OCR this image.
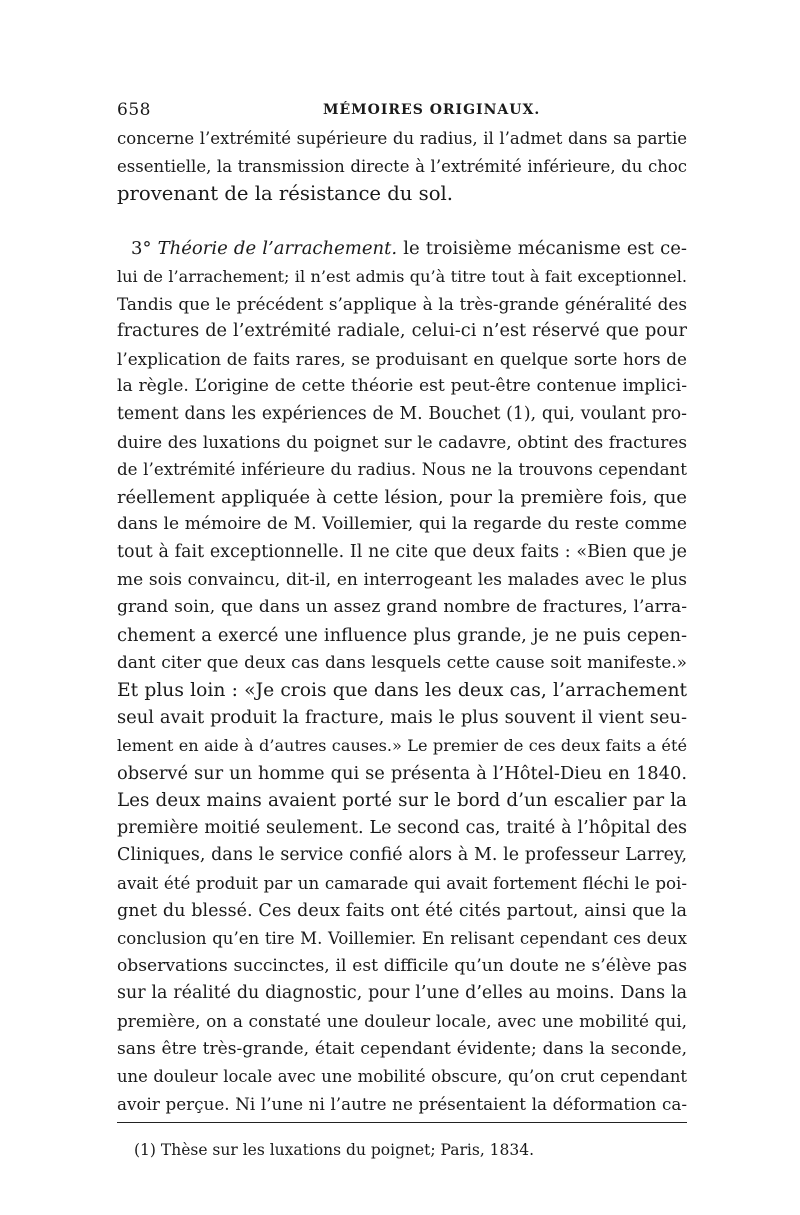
658	MÉMOIRES ORIGINAUX.
concerne l’extrémité supérieure du radius, il l’admet dans sa partie
essentielle, la transmission directe à l’extrémité inférieure, du choc
provenant de la résistance du sol.
3° Théorie de l’arrachement. le troisième mécanisme est ce-
lui de l’arrachement; il n’est admis qu’à titre tout à fait exceptionnel.
Tandis que le précédent s’applique à la très-grande généralité des
fractures de l’extrémité radiale, celui-ci n’est réservé que pour
l’explication de faits rares, se produisant en quelque sorte hors de
la règle. L’origine de cette théorie est peut-être contenue implici-
tement dans les expériences de M. Bouchet (1), qui, voulant pro-
duire des luxations du poignet sur le cadavre, obtint des fractures
de l’extrémité inférieure du radius. Nous ne la trouvons cependant
réellement appliquée à cette lésion, pour la première fois, que
dans le mémoire de M. Voillemier, qui la regarde du reste comme
tout à fait exceptionnelle. Il ne cite que deux faits : «Bien que je
me sois convaincu, dit-il, en interrogeant les malades avec le plus
grand soin, que dans un assez grand nombre de fractures, l’arra-
chement a exercé une influence plus grande, je ne puis cepen-
dant citer que deux cas dans lesquels cette cause soit manifeste.»
Et plus loin : «Je crois que dans les deux cas, l’arrachement
seul avait produit la fracture, mais le plus souvent il vient seu-
lement en aide à d’autres causes.» Le premier de ces deux faits a été
observé sur un homme qui se présenta à l’Hôtel-Dieu en 1840.
Les deux mains avaient porté sur le bord d’un escalier par la
première moitié seulement. Le second cas, traité à l’hôpital des
Cliniques, dans le service confié alors à M. le professeur Larrey,
avait été produit par un camarade qui avait fortement fléchi le poi-
gnet du blessé. Ces deux faits ont été cités partout, ainsi que la
conclusion qu’en tire M. Voillemier. En relisant cependant ces deux
observations succinctes, il est difficile qu’un doute ne s’élève pas
sur la réalité du diagnostic, pour l’une d’elles au moins. Dans la
première, on a constaté une douleur locale, avec une mobilité qui,
sans être très-grande, était cependant évidente; dans la seconde,
une douleur locale avec une mobilité obscure, qu’on crut cependant
avoir perçue. Ni l’une ni l’autre ne présentaient la déformation ca-
(1) Thèse sur les luxations du poignet; Paris, 1834.
